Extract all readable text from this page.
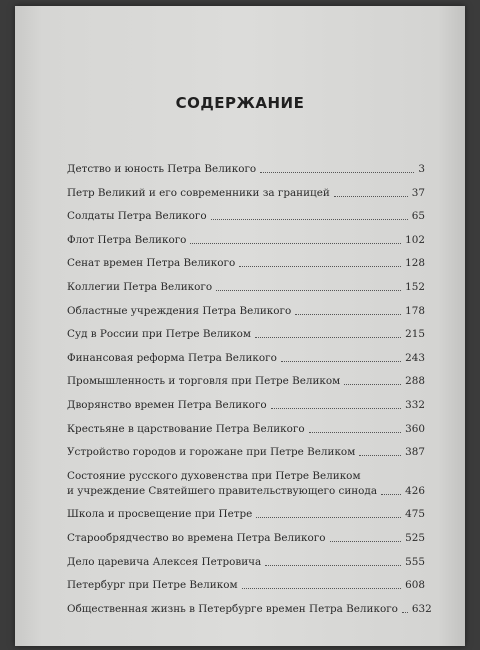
СОДЕРЖАНИЕ
Детство и юность Петра Великого	3
Петр Великий и его современники за границей	37
Солдаты Петра Великого	65
Флот Петра Великого	102
Сенат времен Петра Великого	128
Коллегии Петра Великого	152
Областные учреждения Петра Великого	178
Суд в России при Петре Великом	215
Финансовая реформа Петра Великого	243
Промышленность и торговля при Петре Великом	288
Дворянство времен Петра Великого	332
Крестьяне в царствование Петра Великого	360
Устройство городов и горожане при Петре Великом	387
Состояние русского духовенства при Петре Великом
и учреждение Святейшего правительствующего синода	426
Школа и просвещение при Петре	475
Старообрядчество во времена Петра Великого	525
Дело царевича Алексея Петровича	555
Петербург при Петре Великом	608
Общественная жизнь в Петербурге времен Петра Великого 632
